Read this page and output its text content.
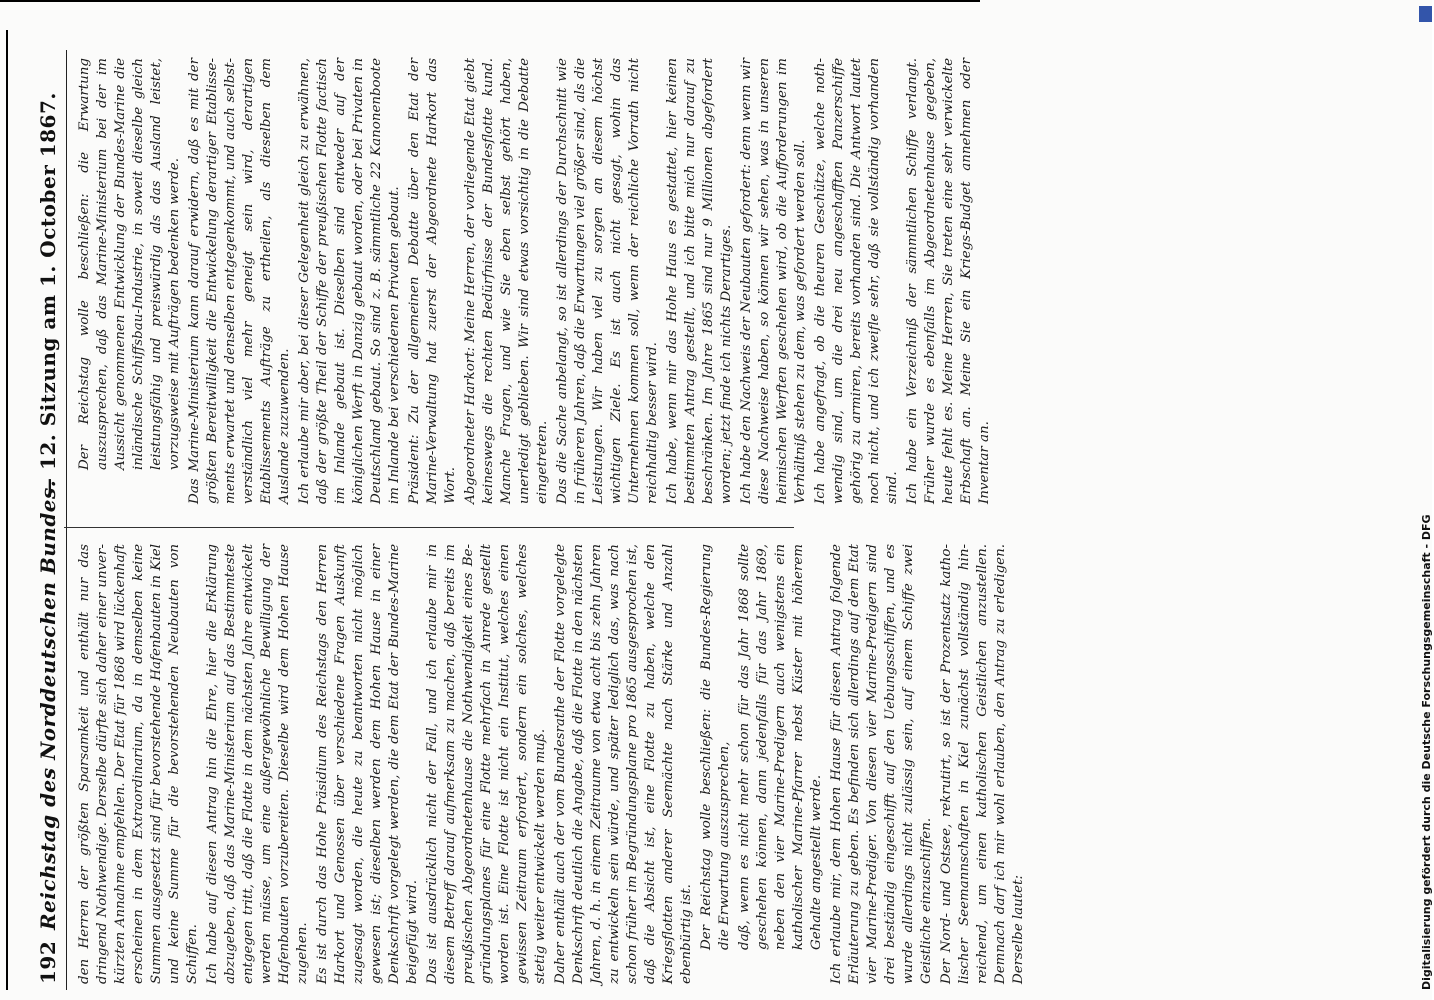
192
Reichstag des Norddeutschen Bundes.
— 12. Sitzung am 1. October 1867.

den Herren der größten Sparsamkeit und enthält nur das dringend Nothwendige. Derselbe dürfte sich daher einer unverkürzten Annahme empfehlen. Der Etat für 1868 wird lückenhaft erscheinen in dem Extraordinarium, da in demselben keine Summen ausgesetzt sind für bevorstehende Hafenbauten in Kiel und keine Summe für die bevorstehenden Neubauten von Schiffen. Ich habe auf diesen Antrag hin die Ehre, hier die Erklärung abzugeben, daß das Marine-Ministerium auf das Bestimmteste entgegen tritt, daß die Flotte in dem nächsten Jahre entwickelt werden müsse, um eine außergewöhnliche Bewilligung der Hafenbauten vorzubereiten. Dieselbe wird dem Hohen Hause zugehen. Es ist durch das Hohe Präsidium des Reichstags den Herren Harkort und Genossen über verschiedene Fragen Auskunft zugesagt worden, die heute zu beantworten nicht möglich gewesen ist; dieselben werden dem Hohen Hause in einer Denkschrift vorgelegt werden, die dem Etat der Bundes-Marine beigefügt wird. Das ist ausdrücklich nicht der Fall, und ich erlaube mir in diesem Betreff darauf aufmerksam zu machen, daß bereits im preußischen Abgeordnetenhause die Nothwendigkeit eines Begründungsplanes für eine Flotte mehrfach in Anrede gestellt worden ist. Eine Flotte ist nicht ein Institut, welches einen gewissen Zeitraum erfordert, sondern ein solches, welches stetig weiter entwickelt werden muß. Daher enthält auch der vom Bundesrathe der Flotte vorgelegte Denkschrift deutlich die Angabe, daß die Flotte in den nächsten Jahren, d. h. in einem Zeitraume von etwa acht bis zehn Jahren zu entwickeln sein würde, und später lediglich das, was nach schon früher im Begründungsplane pro 1865 ausgesprochen ist, daß die Absicht ist, eine Flotte zu haben, welche den Kriegsflotten anderer Seemächte nach Stärke und Anzahl ebenbürtig ist. Der Reichstag wolle beschließen: die Bundes-Regierung die Erwartung auszusprechen, daß, wenn es nicht mehr schon für das Jahr 1868 sollte geschehen können, dann jedenfalls für das Jahr 1869, neben den vier Marine-Predigern auch wenigstens ein katholischer Marine-Pfarrer nebst Küster mit höherem Gehalte angestellt werde. Ich erlaube mir, dem Hohen Hause für diesen Antrag folgende Erläuterung zu geben. Es befinden sich allerdings auf dem Etat vier Marine-Prediger. Von diesen vier Marine-Predigern sind drei beständig eingeschifft auf den Uebungsschiffen, und es wurde allerdings nicht zulässig sein, auf einem Schiffe zwei Geistliche einzuschiffen. Der Nord- und Ostsee, rekrutirt, so ist der Prozentsatz katholischer Seemannschaften in Kiel zunächst vollständig hinreichend, um einen katholischen Geistlichen anzustellen. Demnach darf ich mir wohl erlauben, den Antrag zu erledigen. Derselbe lautet:

Der Reichstag wolle beschließen: die Erwartung auszusprechen, daß das Marine-Ministerium bei der im Aussicht genommenen Entwicklung der Bundes-Marine die inländische Schiffsbau-Industrie, in soweit dieselbe gleich leistungsfähig und preiswürdig als das Ausland leistet, vorzugsweise mit Aufträgen bedenken werde. Das Marine-Ministerium kann darauf erwidern, daß es mit der größten Bereitwilligkeit die Entwickelung derartiger Etablissements erwartet und denselben entgegenkommt, und auch selbstverständlich viel mehr geneigt sein wird, derartigen Etablissements Aufträge zu ertheilen, als dieselben dem Auslande zuzuwenden. Ich erlaube mir aber, bei dieser Gelegenheit gleich zu erwähnen, daß der größte Theil der Schiffe der preußischen Flotte factisch im Inlande gebaut ist. Dieselben sind entweder auf der königlichen Werft in Danzig gebaut worden, oder bei Privaten in Deutschland gebaut. So sind z. B. sämmtliche 22 Kanonenboote im Inlande bei verschiedenen Privaten gebaut. Präsident: Zu der allgemeinen Debatte über den Etat der Marine-Verwaltung hat zuerst der Abgeordnete Harkort das Wort. Abgeordneter Harkort: Meine Herren, der vorliegende Etat giebt keineswegs die rechten Bedürfnisse der Bundesflotte kund. Manche Fragen, und wie Sie eben selbst gehört haben, unerledigt geblieben. Wir sind etwas vorsichtig in die Debatte eingetreten. Das die Sache anbelangt, so ist allerdings der Durchschnitt wie in früheren Jahren, daß die Erwartungen viel größer sind, als die Leistungen. Wir haben viel zu sorgen an diesem höchst wichtigen Ziele. Es ist auch nicht gesagt, wohin das Unternehmen kommen soll, wenn der reichliche Vorrath nicht reichhaltig besser wird. Ich habe, wenn mir das Hohe Haus es gestattet, hier keinen bestimmten Antrag gestellt, und ich bitte mich nur darauf zu beschränken. Im Jahre 1865 sind nur 9 Millionen abgefordert worden; jetzt finde ich nichts Derartiges. Ich habe den Nachweis der Neubauten gefordert: denn wenn wir diese Nachweise haben, so können wir sehen, was in unseren heimischen Werften geschehen wird, ob die Aufforderungen im Verhältniß stehen zu dem, was gefordert werden soll. Ich habe angefragt, ob die theuren Geschütze, welche nothwendig sind, um die drei neu angeschafften Panzerschiffe gehörig zu armiren, bereits vorhanden sind. Die Antwort lautet noch nicht, und ich zweifle sehr, daß sie vollständig vorhanden sind. Ich habe ein Verzeichniß der sämmtlichen Schiffe verlangt. Früher wurde es ebenfalls im Abgeordnetenhause gegeben, heute fehlt es. Meine Herren, Sie treten eine sehr verwickelte Erbschaft an. Meine Sie ein Kriegs-Budget annehmen oder Inventar an.

Digitalisierung gefördert durch die Deutsche Forschungsgemeinschaft - DFG
